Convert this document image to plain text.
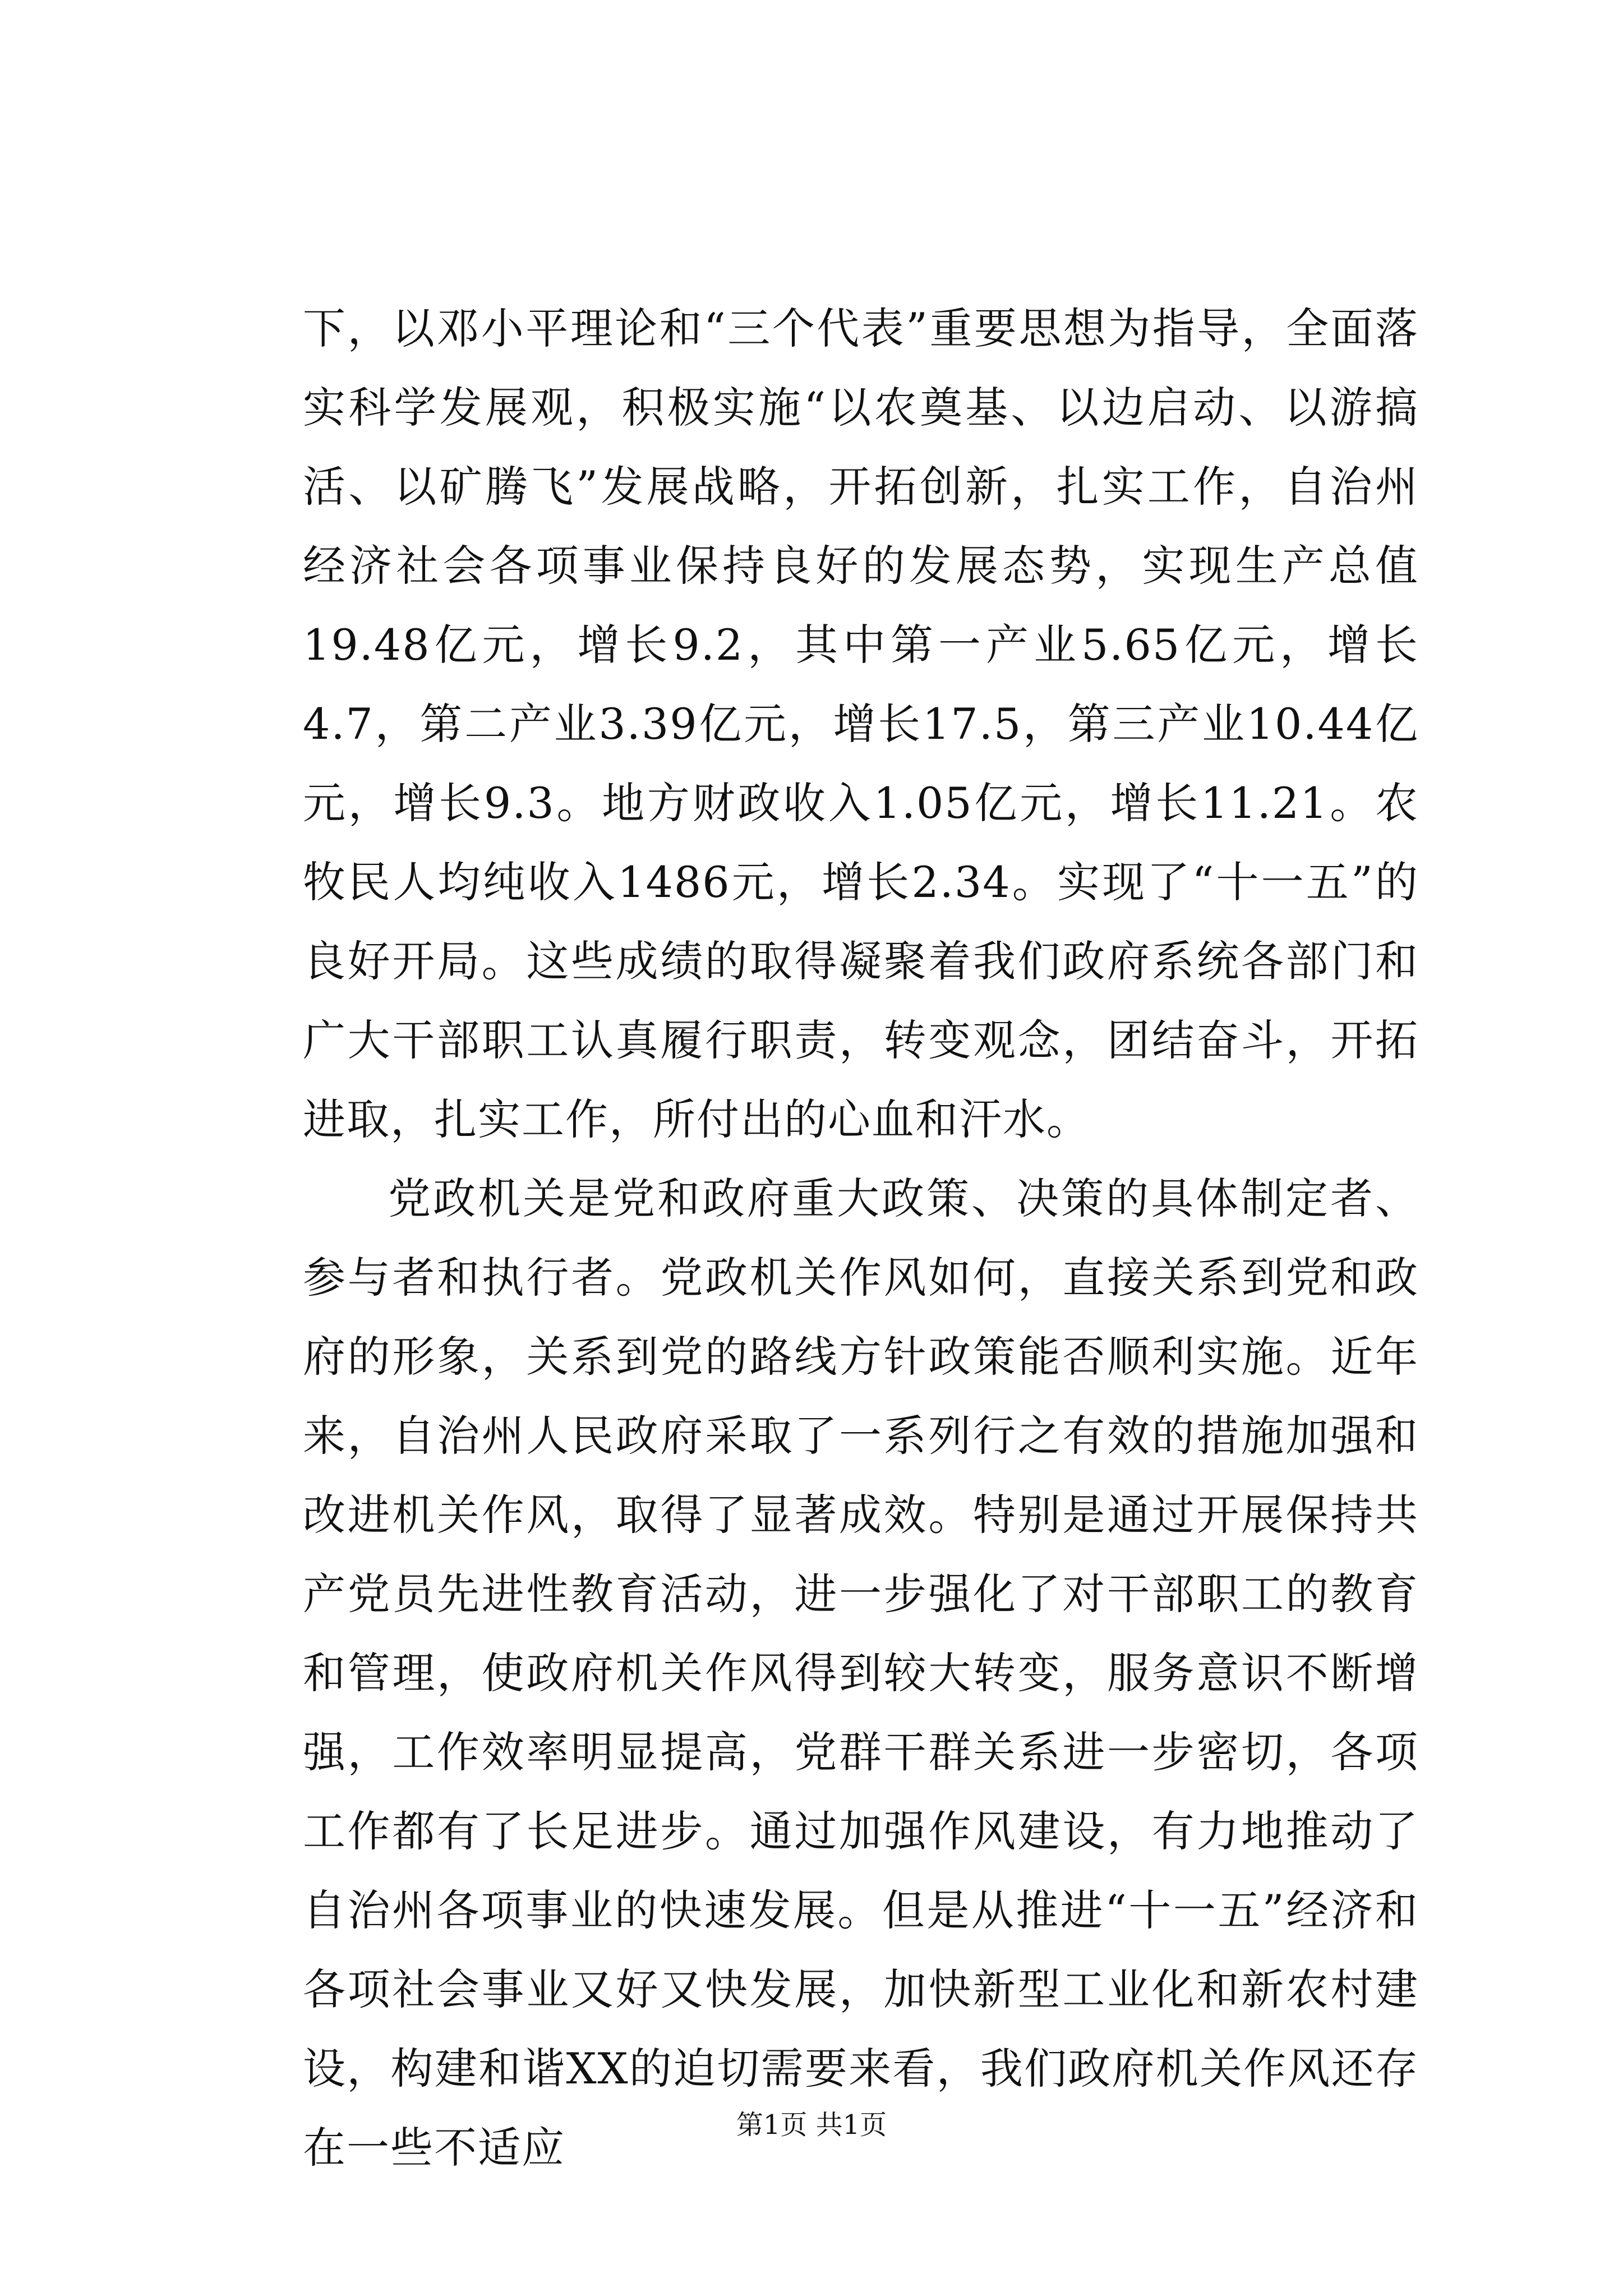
下，以邓小平理论和“三个代表”重要思想为指导，全面落实科学发展观，积极实施“以农奠基、以边启动、以游搞活、以矿腾飞”发展战略，开拓创新，扎实工作，自治州经济社会各项事业保持良好的发展态势，实现生产总值19.48亿元，增长9.2，其中第一产业5.65亿元，增长4.7，第二产业3.39亿元，增长17.5，第三产业10.44亿元，增长9.3。地方财政收入1.05亿元，增长11.21。农牧民人均纯收入1486元，增长2.34。实现了“十一五”的良好开局。这些成绩的取得凝聚着我们政府系统各部门和广大干部职工认真履行职责，转变观念，团结奋斗，开拓进取，扎实工作，所付出的心血和汗水。

党政机关是党和政府重大政策、决策的具体制定者、参与者和执行者。党政机关作风如何，直接关系到党和政府的形象，关系到党的路线方针政策能否顺利实施。近年来，自治州人民政府采取了一系列行之有效的措施加强和改进机关作风，取得了显著成效。特别是通过开展保持共产党员先进性教育活动，进一步强化了对干部职工的教育和管理，使政府机关作风得到较大转变，服务意识不断增强，工作效率明显提高，党群干群关系进一步密切，各项工作都有了长足进步。通过加强作风建设，有力地推动了自治州各项事业的快速发展。但是从推进“十一五”经济和各项社会事业又好又快发展，加快新型工业化和新农村建设，构建和谐XX的迫切需要来看，我们政府机关作风还存在一些不适应	第1页 共1页
